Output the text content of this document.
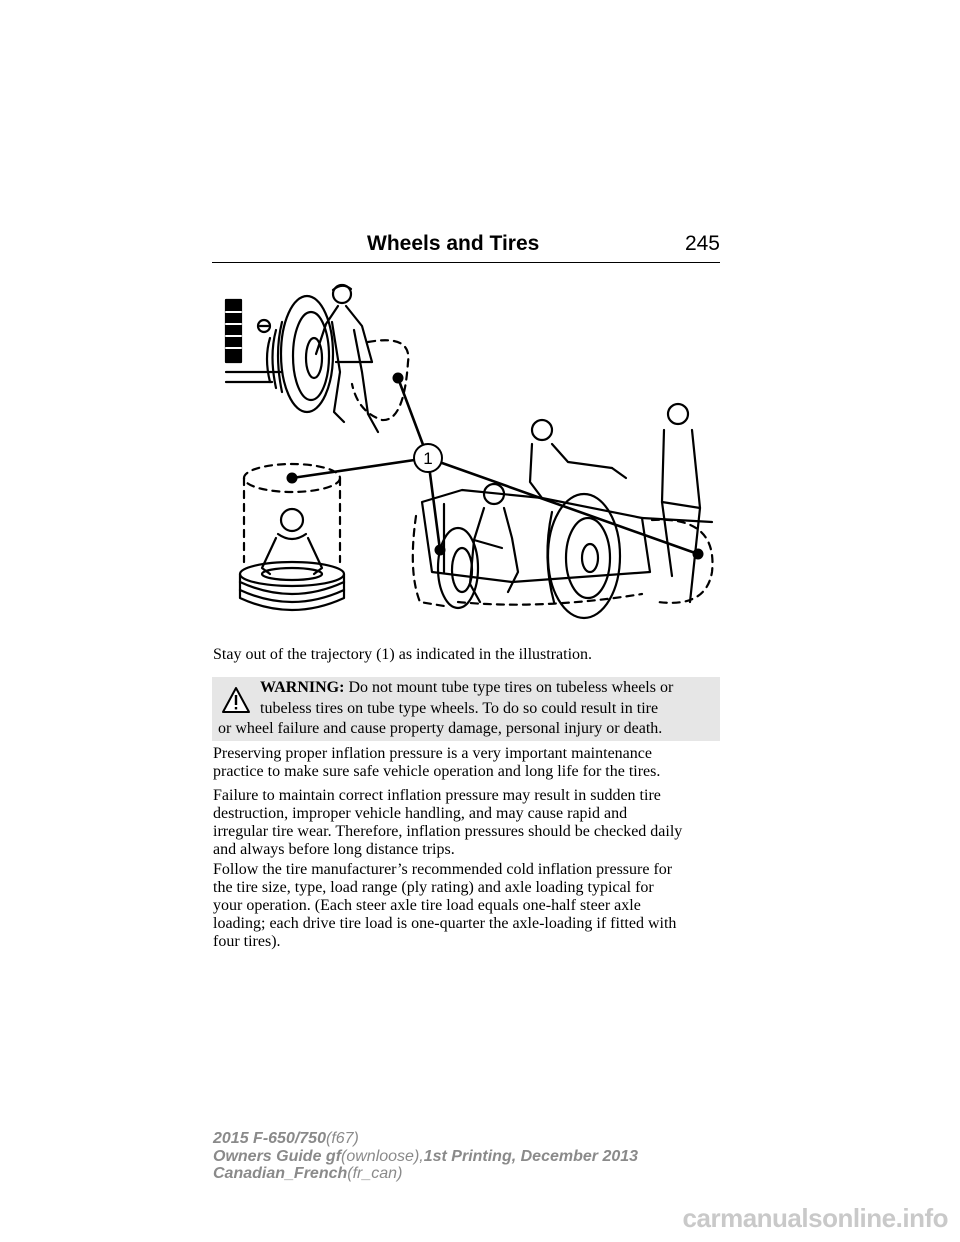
Wheels and Tires	245
1

Stay out of the trajectory (1) as indicated in the illustration.

WARNING: Do not mount tube type tires on tubeless wheels or
tubeless tires on tube type wheels. To do so could result in tire
or wheel failure and cause property damage, personal injury or death.
Preserving proper inflation pressure is a very important maintenance
practice to make sure safe vehicle operation and long life for the tires.
Failure to maintain correct inflation pressure may result in sudden tire
destruction, improper vehicle handling, and may cause rapid and
irregular tire wear. Therefore, inflation pressures should be checked daily
and always before long distance trips.
Follow the tire manufacturer’s recommended cold inflation pressure for
the tire size, type, load range (ply rating) and axle loading typical for
your operation. (Each steer axle tire load equals one-half steer axle
loading; each drive tire load is one-quarter the axle-loading if fitted with
four tires).
2015 F-650/750(f67)
Owners Guide gf(ownloose),1st Printing, December 2013
Canadian_French(fr_can)
carmanualsonline.info
